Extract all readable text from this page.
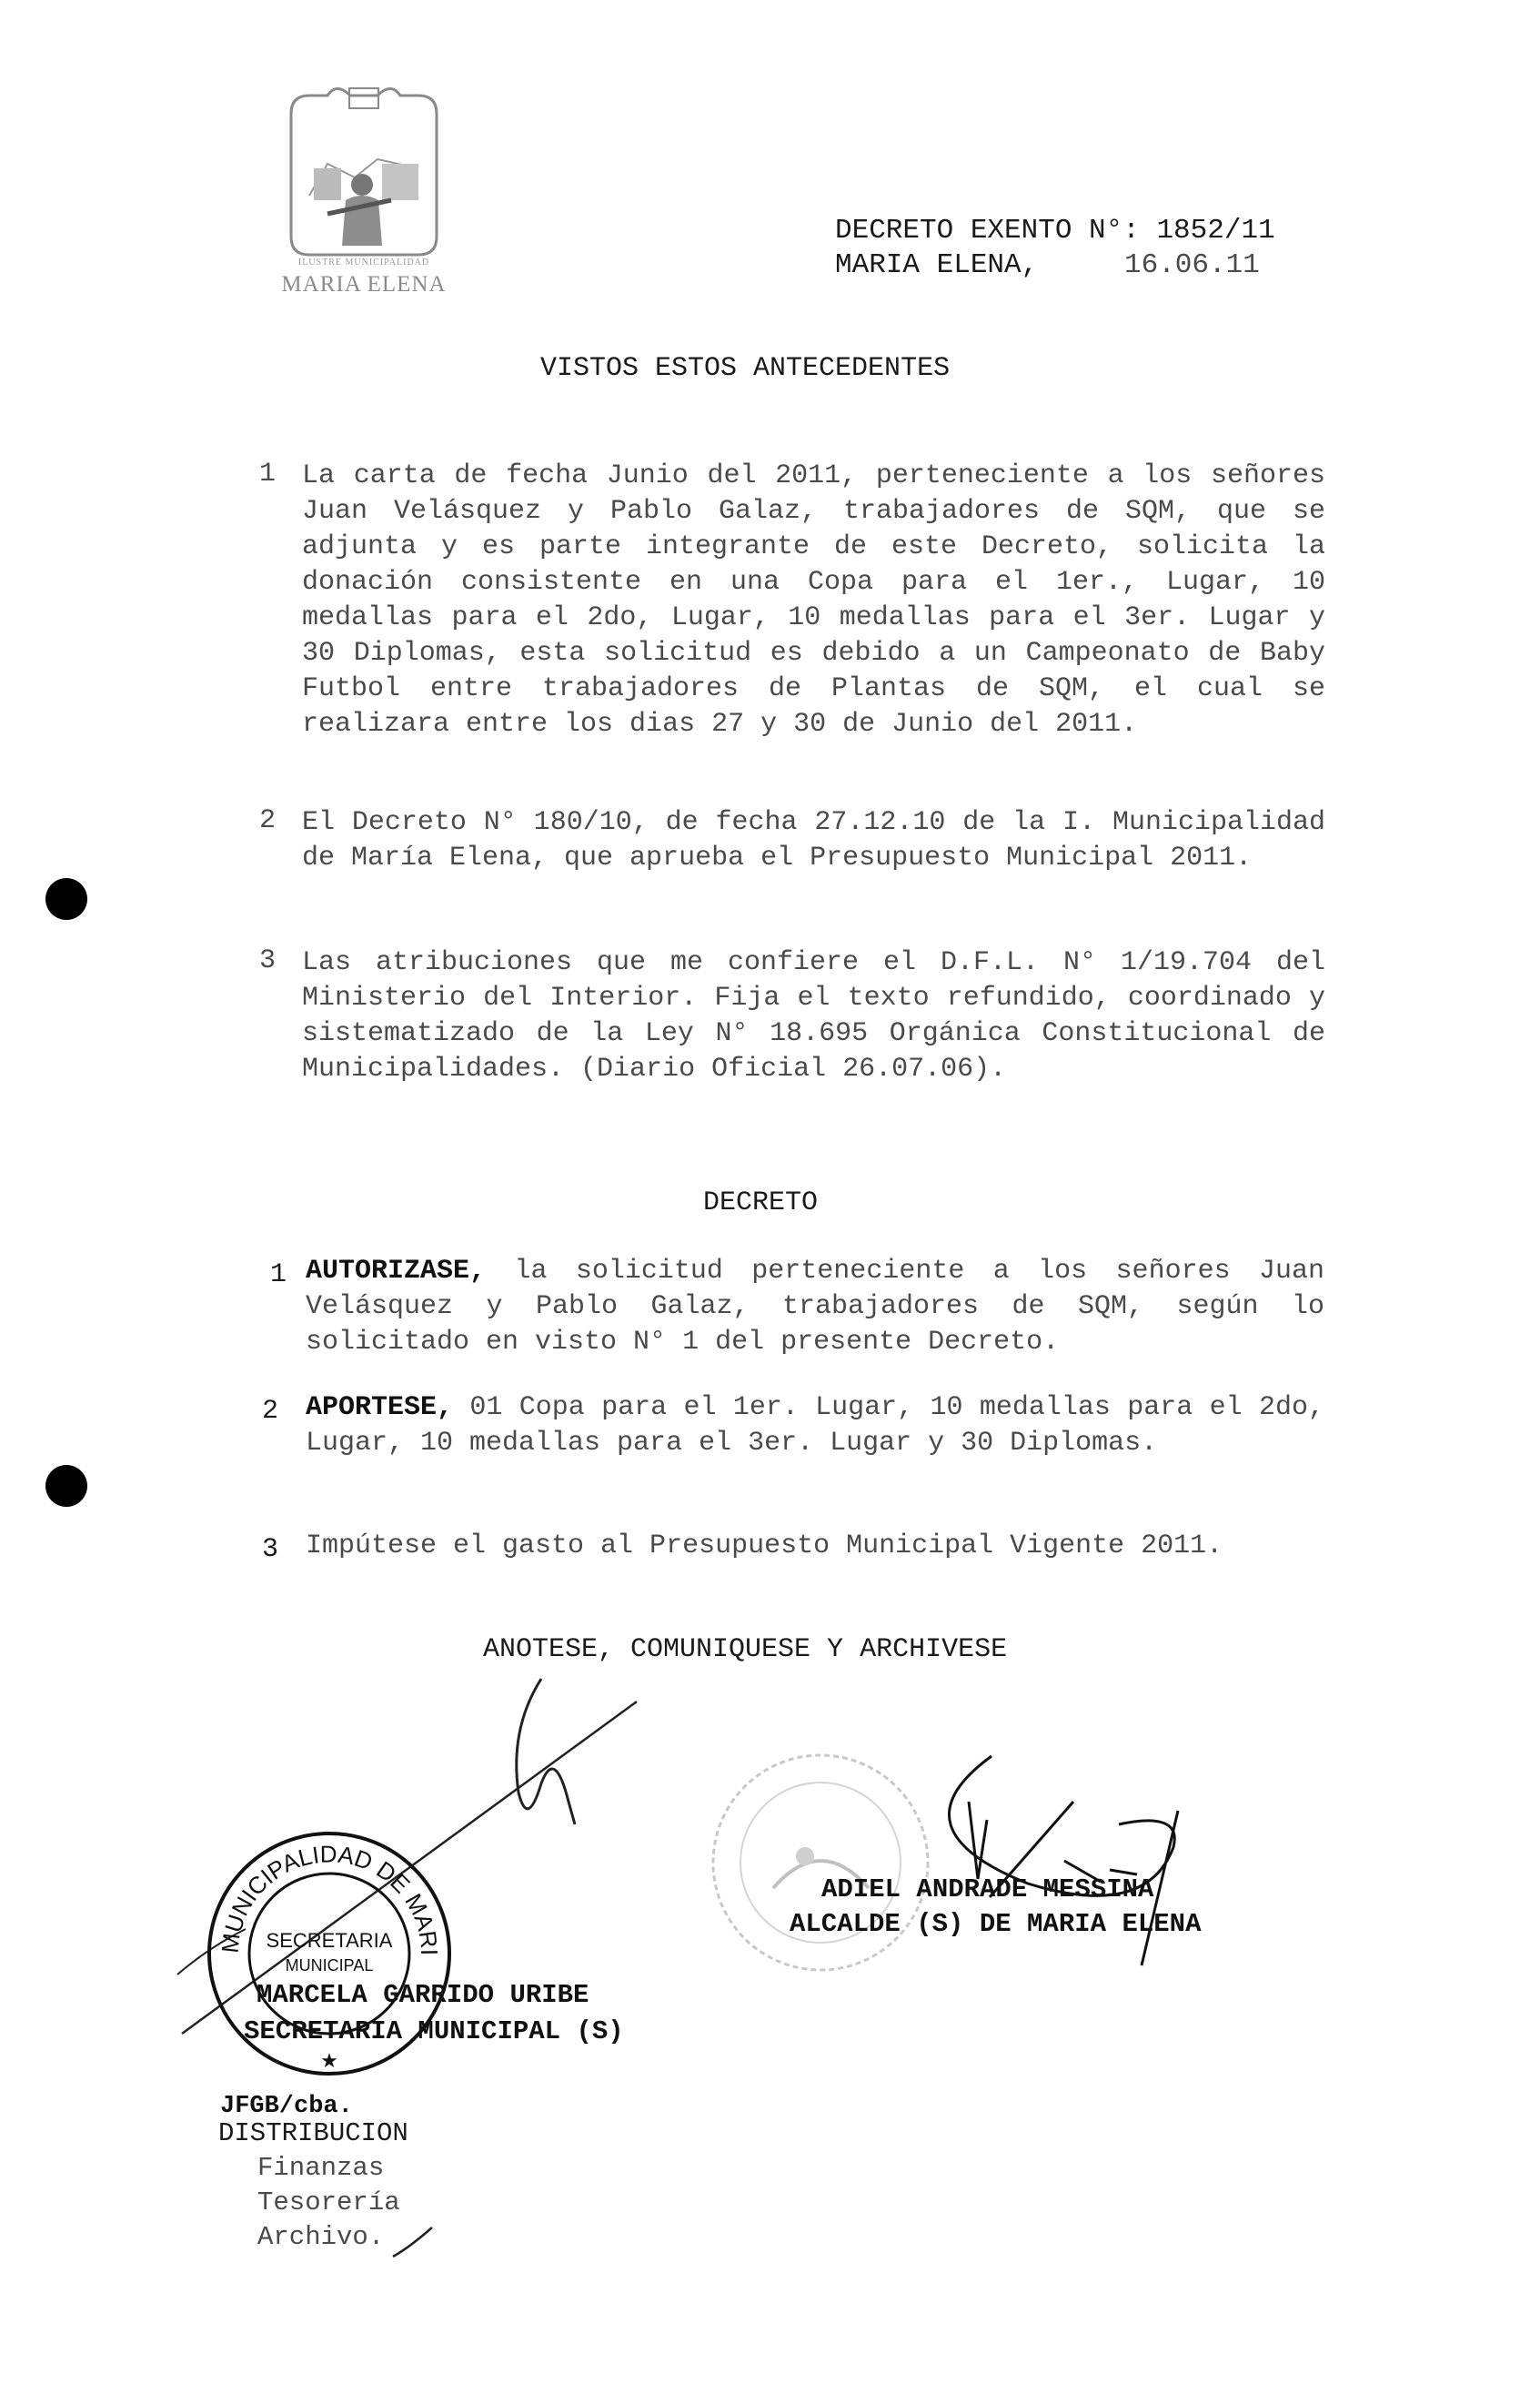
ILUSTRE MUNICIPALIDAD
MARIA ELENA
DECRETO EXENTO N°: 1852/11
MARIA ELENA,	16.06.11
VISTOS ESTOS ANTECEDENTES
1 La carta de fecha Junio del 2011, perteneciente a los señores Juan Velásquez y Pablo Galaz, trabajadores de SQM, que se adjunta y es parte integrante de este Decreto, solicita la donación consistente en una Copa para el 1er., Lugar, 10 medallas para el 2do, Lugar, 10 medallas para el 3er. Lugar y 30 Diplomas, esta solicitud es debido a un Campeonato de Baby Futbol entre trabajadores de Plantas de SQM, el cual se realizara entre los dias 27 y 30 de Junio del 2011.
2 El Decreto N° 180/10, de fecha 27.12.10 de la I. Municipalidad de María Elena, que aprueba el Presupuesto Municipal 2011.
3 Las atribuciones que me confiere el D.F.L. N° 1/19.704 del Ministerio del Interior. Fija el texto refundido, coordinado y sistematizado de la Ley N° 18.695 Orgánica Constitucional de Municipalidades. (Diario Oficial 26.07.06).
DECRETO
1 AUTORIZASE, la solicitud perteneciente a los señores Juan Velásquez y Pablo Galaz, trabajadores de SQM, según lo solicitado en visto N° 1 del presente Decreto.
2 APORTESE, 01 Copa para el 1er. Lugar, 10 medallas para el 2do, Lugar, 10 medallas para el 3er. Lugar y 30 Diplomas.
3 Impútese el gasto al Presupuesto Municipal Vigente 2011.
ANOTESE, COMUNIQUESE Y ARCHIVESE
MUNICIPALIDAD DE MARI
SECRETARIA
MUNICIPAL
★
ADIEL ANDRADE MESSINA
ALCALDE (S) DE MARIA ELENA
MARCELA GARRIDO URIBE
SECRETARIA MUNICIPAL (S)
JFGB/cba.
DISTRIBUCION
Finanzas
Tesorería
Archivo.
